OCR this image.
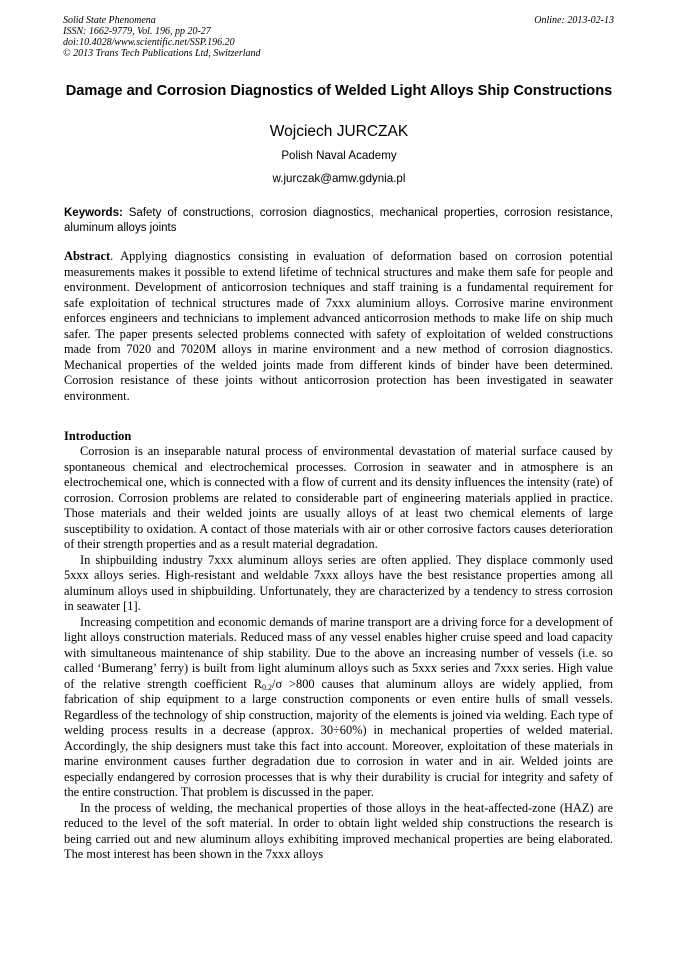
Solid State Phenomena
ISSN: 1662-9779, Vol. 196, pp 20-27
doi:10.4028/www.scientific.net/SSP.196.20
© 2013 Trans Tech Publications Ltd, Switzerland
Online: 2013-02-13
Damage and Corrosion Diagnostics of Welded Light Alloys Ship Constructions
Wojciech JURCZAK
Polish Naval Academy
w.jurczak@amw.gdynia.pl
Keywords: Safety of constructions, corrosion diagnostics, mechanical properties, corrosion resistance, aluminum alloys joints
Abstract. Applying diagnostics consisting in evaluation of deformation based on corrosion potential measurements makes it possible to extend lifetime of technical structures and make them safe for people and environment. Development of anticorrosion techniques and staff training is a fundamental requirement for safe exploitation of technical structures made of 7xxx aluminium alloys. Corrosive marine environment enforces engineers and technicians to implement advanced anticorrosion methods to make life on ship much safer. The paper presents selected problems connected with safety of exploitation of welded constructions made from 7020 and 7020M alloys in marine environment and a new method of corrosion diagnostics. Mechanical properties of the welded joints made from different kinds of binder have been determined. Corrosion resistance of these joints without anticorrosion protection has been investigated in seawater environment.
Introduction

Corrosion is an inseparable natural process of environmental devastation of material surface caused by spontaneous chemical and electrochemical processes. Corrosion in seawater and in atmosphere is an electrochemical one, which is connected with a flow of current and its density influences the intensity (rate) of corrosion. Corrosion problems are related to considerable part of engineering materials applied in practice. Those materials and their welded joints are usually alloys of at least two chemical elements of large susceptibility to oxidation. A contact of those materials with air or other corrosive factors causes deterioration of their strength properties and as a result material degradation.

In shipbuilding industry 7xxx aluminum alloys series are often applied. They displace commonly used 5xxx alloys series. High-resistant and weldable 7xxx alloys have the best resistance properties among all aluminum alloys used in shipbuilding. Unfortunately, they are characterized by a tendency to stress corrosion in seawater [1].

Increasing competition and economic demands of marine transport are a driving force for a development of light alloys construction materials. Reduced mass of any vessel enables higher cruise speed and load capacity with simultaneous maintenance of ship stability. Due to the above an increasing number of vessels (i.e. so called ‘Bumerang’ ferry) is built from light aluminum alloys such as 5xxx series and 7xxx series. High value of the relative strength coefficient $R_{0.2}/\sigma >800$ causes that aluminum alloys are widely applied, from fabrication of ship equipment to a large construction components or even entire hulls of small vessels. Regardless of the technology of ship construction, majority of the elements is joined via welding. Each type of welding process results in a decrease (approx. 30÷60%) in mechanical properties of welded material. Accordingly, the ship designers must take this fact into account. Moreover, exploitation of these materials in marine environment causes further degradation due to corrosion in water and in air. Welded joints are especially endangered by corrosion processes that is why their durability is crucial for integrity and safety of the entire construction. That problem is discussed in the paper.

In the process of welding, the mechanical properties of those alloys in the heat-affected-zone (HAZ) are reduced to the level of the soft material. In order to obtain light welded ship constructions the research is being carried out and new aluminum alloys exhibiting improved mechanical properties are being elaborated. The most interest has been shown in the 7xxx alloys
